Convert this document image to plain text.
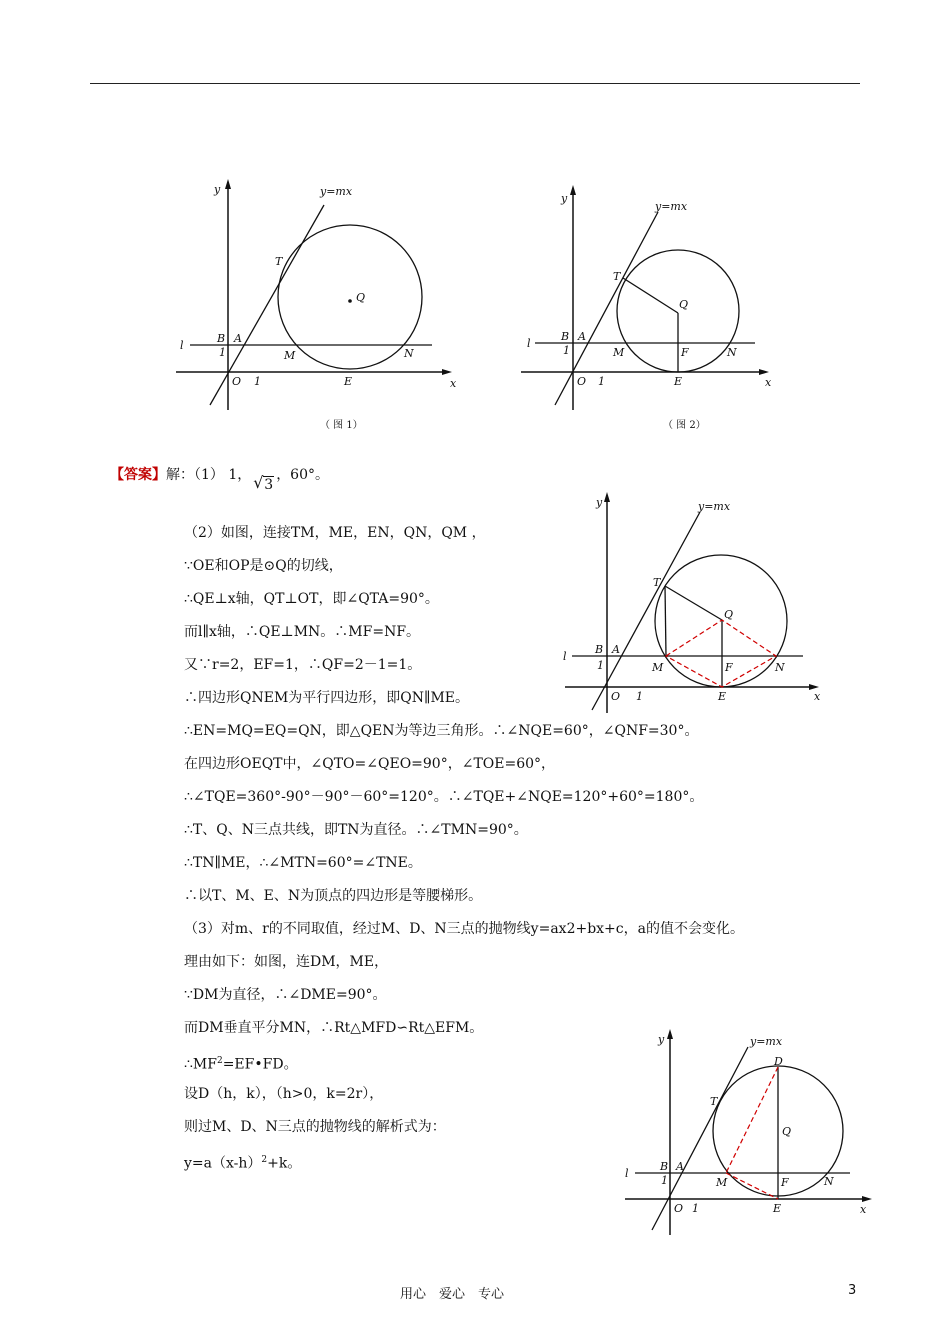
y
x
y=mx
T
Q
B A
l
1	M	N
O 1	E
（ 图 1）
y
x
y=mx
T
Q
B A
l
1	M	F	N
O 1	E
（ 图 2）
y
x
y=mx
T
Q
B A
l
1	M	F	N
O 1	E
y
x
y=mx
D
T
Q
B A
l
1	M	F	N
O 1	E
【答案】解：（1） 1， √ 3，60°。
（2）如图，连接TM，ME，EN，QN，QM ，
∵OE和OP是⊙Q的切线，
∴QE⊥x轴，QT⊥OT，即∠QTA=90°。
而l∥x轴，∴QE⊥MN。∴MF=NF。
又∵r=2，EF=1，∴QF=2－1=1。
∴四边形QNEM为平行四边形，即QN∥ME。
∴EN=MQ=EQ=QN，即△QEN为等边三角形。∴∠NQE=60°，∠QNF=30°。
在四边形OEQT中，∠QTO=∠QEO=90°，∠TOE=60°，
∴∠TQE=360°-90°－90°－60°=120°。∴∠TQE+∠NQE=120°+60°=180°。
∴T、Q、N三点共线，即TN为直径。∴∠TMN=90°。
∴TN∥ME，∴∠MTN=60°=∠TNE。
∴以T、M、E、N为顶点的四边形是等腰梯形。
（3）对m、r的不同取值，经过M、D、N三点的抛物线y=ax2+bx+c，a的值不会变化。
理由如下：如图，连DM，ME，
∵DM为直径，∴∠DME=90°。
而DM垂直平分MN，∴Rt△MFD∽Rt△EFM。
$\therefore MF^2=EF•FD$。
设D（h，k），（h>0，k=2r），
则过M、D、N三点的抛物线的解析式为：
$y=a(x-h)^2+k$。
用心　爱心　专心	3
